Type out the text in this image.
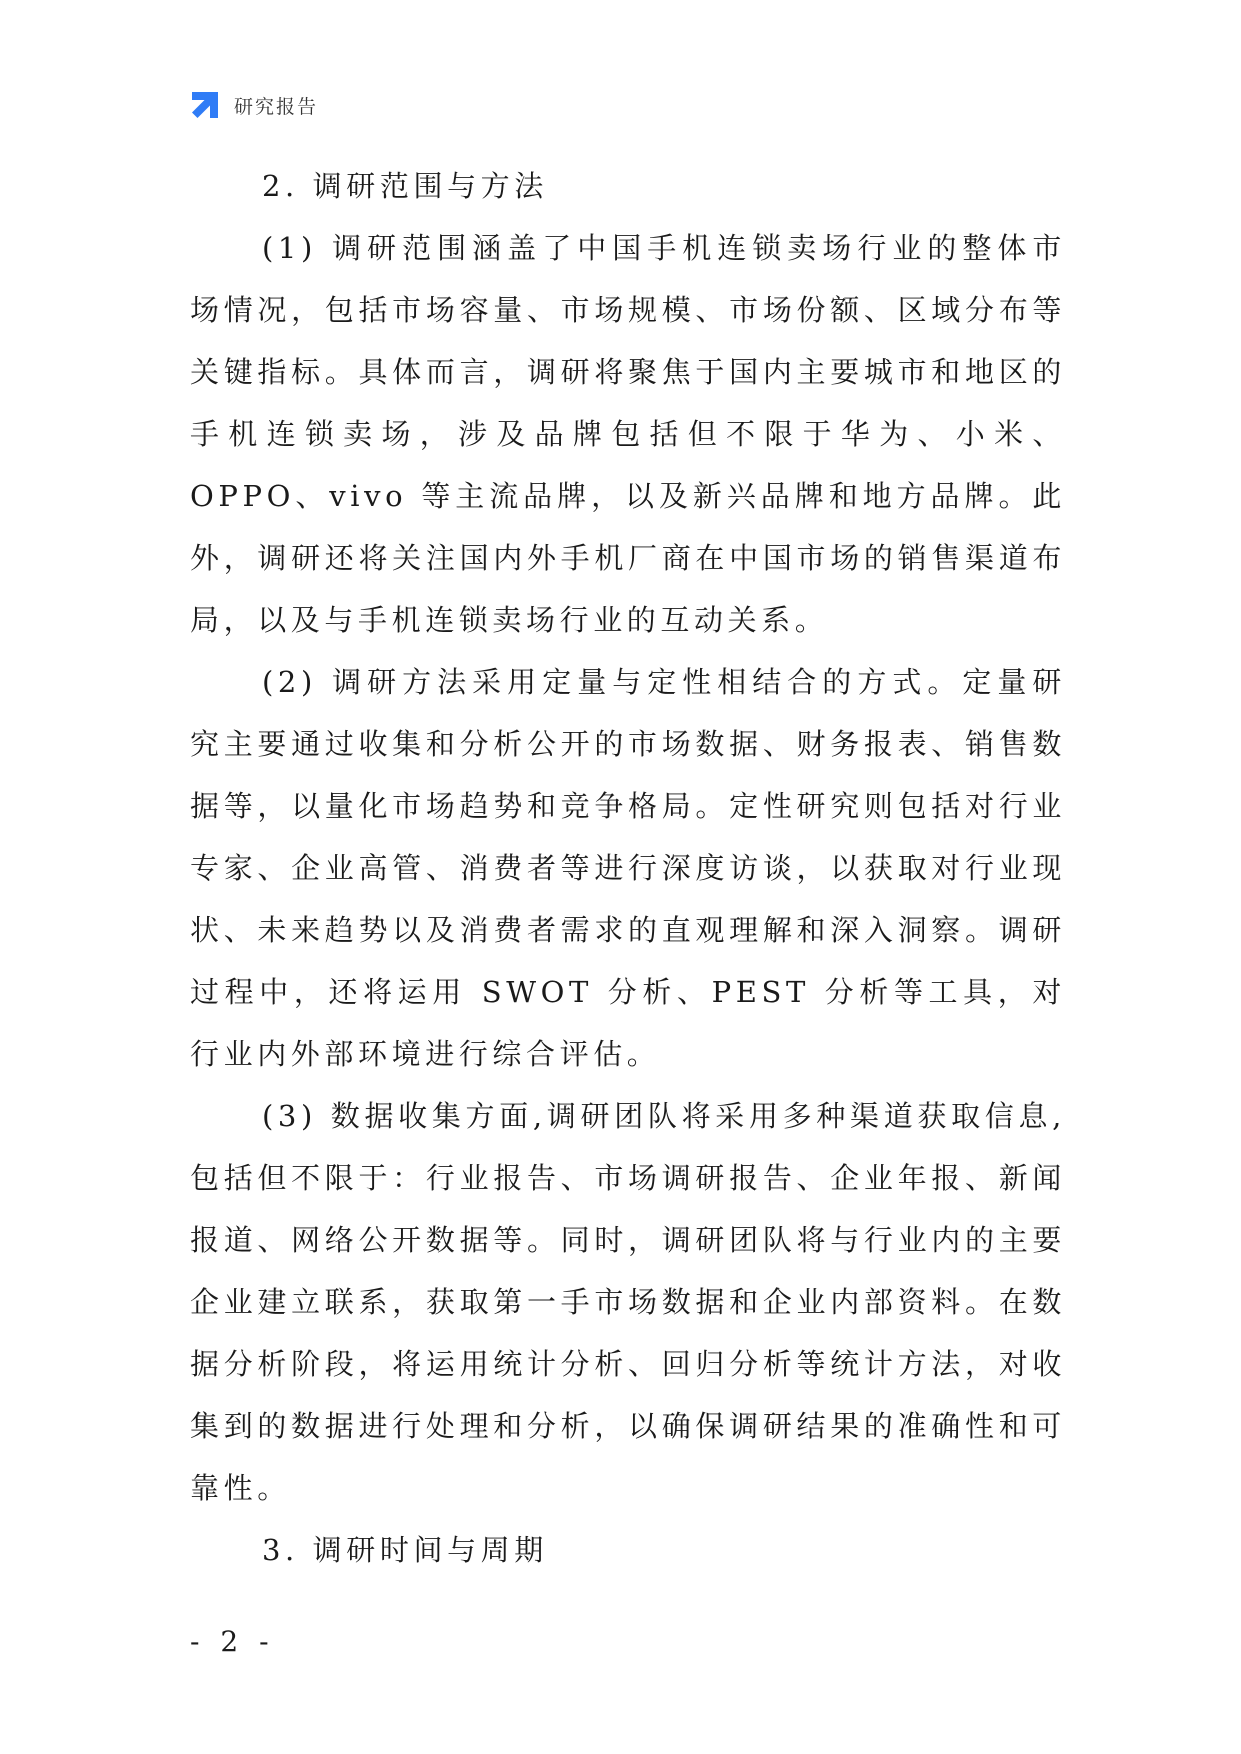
研究报告
2. 调研范围与方法

(1) 调研范围涵盖了中国手机连锁卖场行业的整体市场情况，包括市场容量、市场规模、市场份额、区域分布等关键指标。具体而言，调研将聚焦于国内主要城市和地区的手机连锁卖场，涉及品牌包括但不限于华为、小米、OPPO、vivo 等主流品牌，以及新兴品牌和地方品牌。此外，调研还将关注国内外手机厂商在中国市场的销售渠道布局，以及与手机连锁卖场行业的互动关系。

(2) 调研方法采用定量与定性相结合的方式。定量研究主要通过收集和分析公开的市场数据、财务报表、销售数据等，以量化市场趋势和竞争格局。定性研究则包括对行业专家、企业高管、消费者等进行深度访谈，以获取对行业现状、未来趋势以及消费者需求的直观理解和深入洞察。调研过程中，还将运用 SWOT 分析、PEST 分析等工具，对行业内外部环境进行综合评估。

(3) 数据收集方面,调研团队将采用多种渠道获取信息,包括但不限于：行业报告、市场调研报告、企业年报、新闻报道、网络公开数据等。同时，调研团队将与行业内的主要企业建立联系，获取第一手市场数据和企业内部资料。在数据分析阶段，将运用统计分析、回归分析等统计方法，对收集到的数据进行处理和分析，以确保调研结果的准确性和可靠性。

3. 调研时间与周期
- 2 -
